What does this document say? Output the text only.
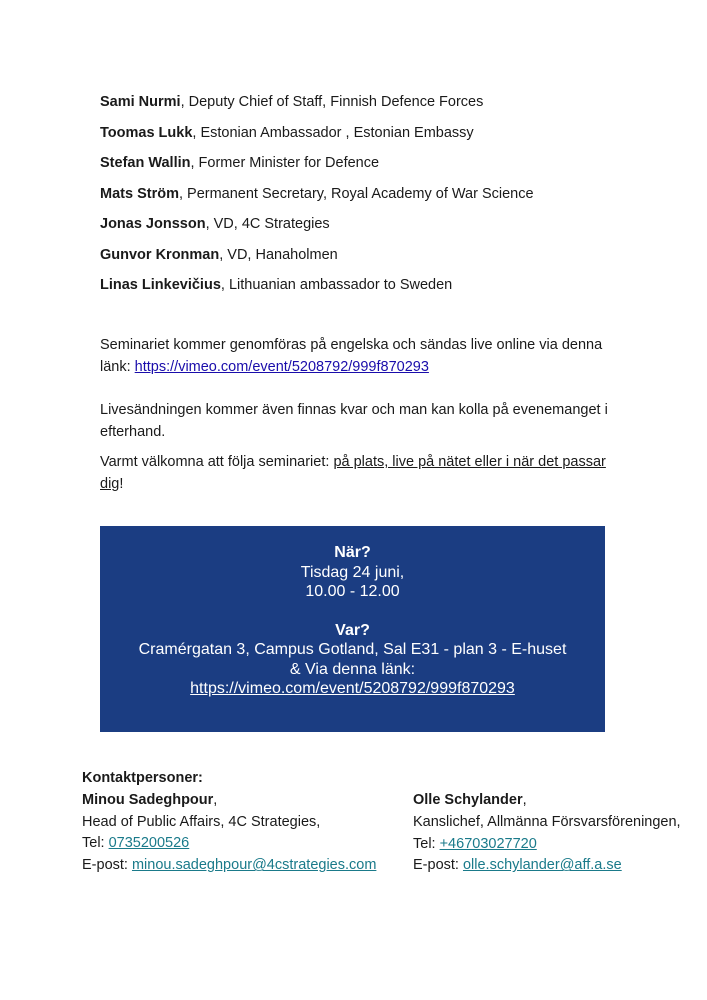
Sami Nurmi, Deputy Chief of Staff, Finnish Defence Forces
Toomas Lukk, Estonian Ambassador , Estonian Embassy
Stefan Wallin, Former Minister for Defence
Mats Ström, Permanent Secretary, Royal Academy of War Science
Jonas Jonsson, VD, 4C Strategies
Gunvor Kronman, VD, Hanaholmen
Linas Linkevičius, Lithuanian ambassador to Sweden
Seminariet kommer genomföras på engelska och sändas live online via denna länk: https://vimeo.com/event/5208792/999f870293
Livesändningen kommer även finnas kvar och man kan kolla på evenemanget i efterhand.
Varmt välkomna att följa seminariet: på plats, live på nätet eller i när det passar dig!
När?
Tisdag 24 juni,
10.00 - 12.00
Var?
Cramérgatan 3, Campus Gotland, Sal E31 - plan 3 - E-huset
& Via denna länk:
https://vimeo.com/event/5208792/999f870293
Kontaktpersoner:
Minou Sadeghpour,
Head of Public Affairs, 4C Strategies,
Tel: 0735200526
E-post: minou.sadeghpour@4cstrategies.com
Olle Schylander,
Kanslichef, Allmänna Försvarsföreningen,
Tel: +46703027720
E-post: olle.schylander@aff.a.se
